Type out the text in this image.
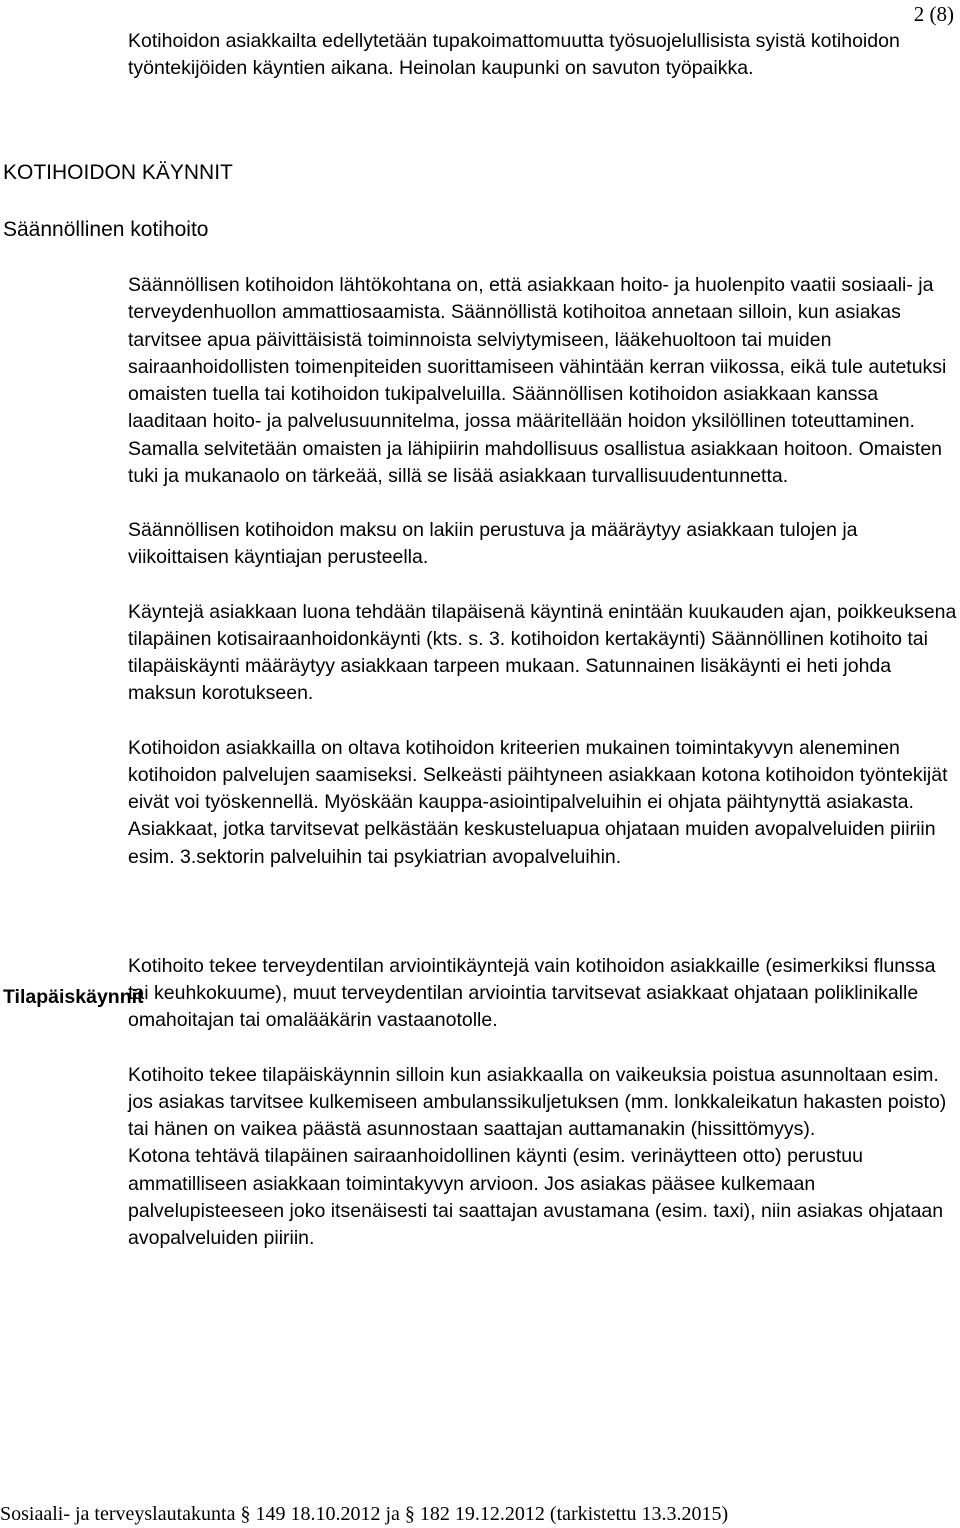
2 (8)

Kotihoidon asiakkailta edellytetään tupakoimattomuutta työsuojelullisista syistä kotihoidon työntekijöiden käyntien aikana. Heinolan kaupunki on savuton työpaikka.

KOTIHOIDON KÄYNNIT
Säännöllinen kotihoito
Tilapäiskäynnit

Säännöllisen kotihoidon lähtökohtana on, että asiakkaan hoito- ja huolenpito vaatii sosiaali- ja terveydenhuollon ammattiosaamista. Säännöllistä kotihoitoa annetaan silloin, kun asiakas tarvitsee apua päivittäisistä toiminnoista selviytymiseen, lääkehuoltoon tai muiden sairaanhoidollisten toimenpiteiden suorittamiseen vähintään kerran viikossa, eikä tule autetuksi omaisten tuella tai kotihoidon tukipalveluilla. Säännöllisen kotihoidon asiakkaan kanssa laaditaan hoito- ja palvelusuunnitelma, jossa määritellään hoidon yksilöllinen toteuttaminen. Samalla selvitetään omaisten ja lähipiirin mahdollisuus osallistua asiakkaan hoitoon. Omaisten tuki ja mukanaolo on tärkeää, sillä se lisää asiakkaan turvallisuudentunnetta.

Säännöllisen kotihoidon maksu on lakiin perustuva ja määräytyy asiakkaan tulojen ja viikoittaisen käyntiajan perusteella.

Käyntejä asiakkaan luona tehdään tilapäisenä käyntinä enintään kuukauden ajan, poikkeuksena tilapäinen kotisairaanhoidonkäynti (kts. s. 3. kotihoidon kertakäynti) Säännöllinen kotihoito tai tilapäiskäynti määräytyy asiakkaan tarpeen mukaan. Satunnainen lisäkäynti ei heti johda maksun korotukseen.

Kotihoidon asiakkailla on oltava kotihoidon kriteerien mukainen toimintakyvyn aleneminen kotihoidon palvelujen saamiseksi. Selkeästi päihtyneen asiakkaan kotona kotihoidon työntekijät eivät voi työskennellä. Myöskään kauppa-asiointipalveluihin ei ohjata päihtynyttä asiakasta. Asiakkaat, jotka tarvitsevat pelkästään keskusteluapua ohjataan muiden avopalveluiden piiriin esim. 3.sektorin palveluihin tai psykiatrian avopalveluihin.

Kotihoito tekee terveydentilan arviointikäyntejä vain kotihoidon asiakkaille (esimerkiksi flunssa tai keuhkokuume), muut terveydentilan arviointia tarvitsevat asiakkaat ohjataan poliklinikalle omahoitajan tai omalääkärin vastaanotolle.

Kotihoito tekee tilapäiskäynnin silloin kun asiakkaalla on vaikeuksia poistua asunnoltaan esim. jos asiakas tarvitsee kulkemiseen ambulanssikuljetuksen (mm. lonkkaleikatun hakasten poisto) tai hänen on vaikea päästä asunnostaan saattajan auttamanakin (hissittömyys).

Kotona tehtävä tilapäinen sairaanhoidollinen käynti (esim. verinäytteen otto) perustuu ammatilliseen asiakkaan toimintakyvyn arvioon. Jos asiakas pääsee kulkemaan palvelupisteeseen joko itsenäisesti tai saattajan avustamana (esim. taxi), niin asiakas ohjataan avopalveluiden piiriin.

Sosiaali- ja terveyslautakunta § 149 18.10.2012 ja § 182 19.12.2012 (tarkistettu 13.3.2015)
